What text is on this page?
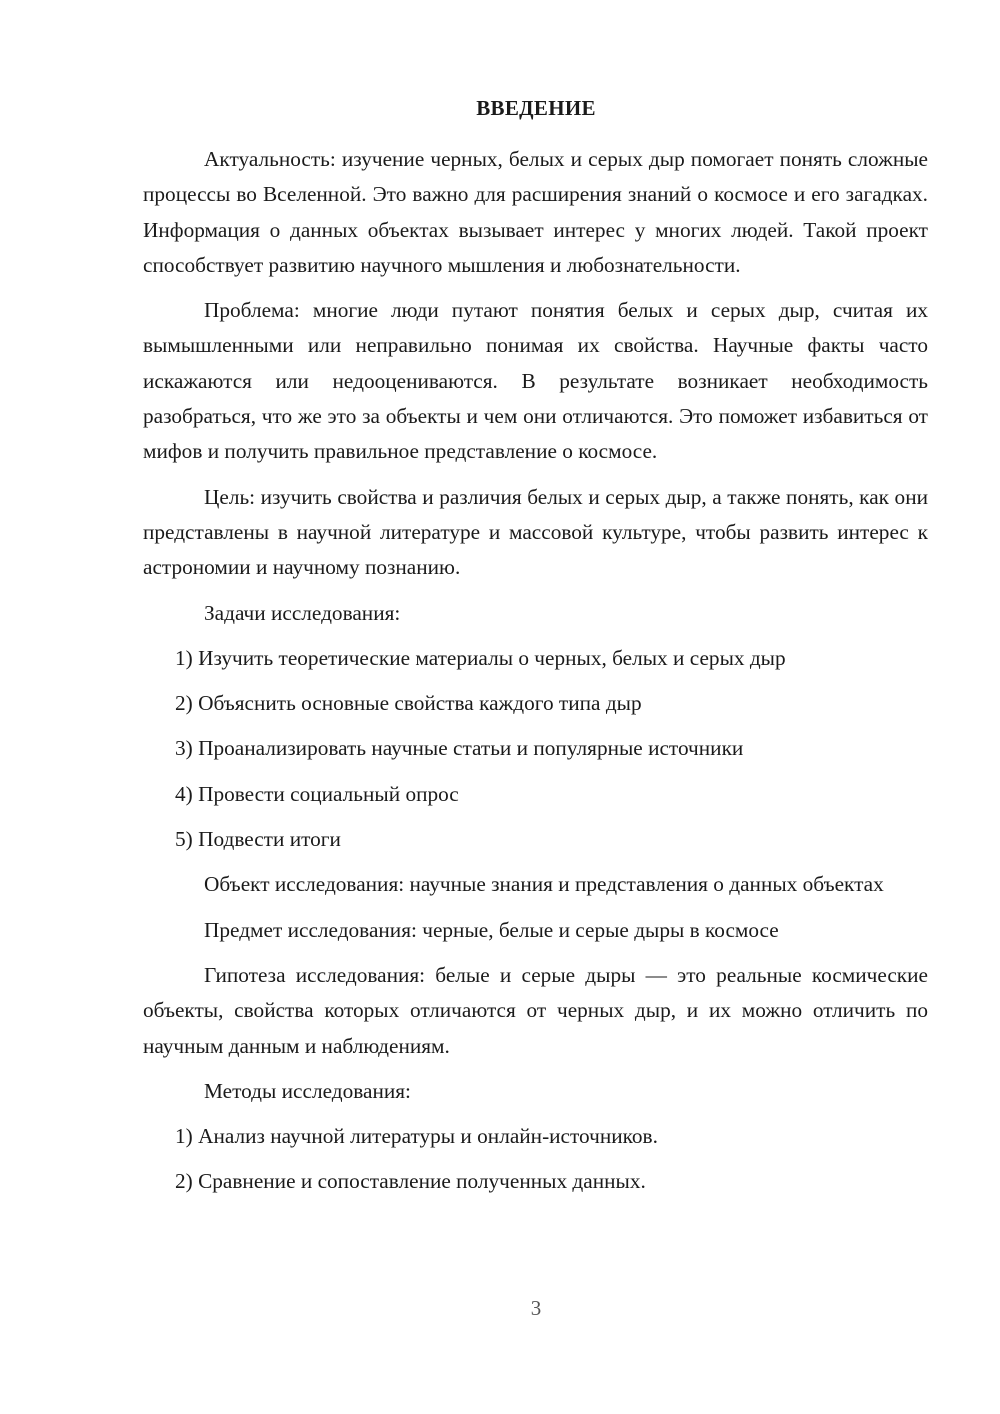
ВВЕДЕНИЕ

Актуальность: изучение черных, белых и серых дыр помогает понять сложные процессы во Вселенной. Это важно для расширения знаний о космосе и его загадках. Информация о данных объектах вызывает интерес у многих людей. Такой проект способствует развитию научного мышления и любознательности.

Проблема: многие люди путают понятия белых и серых дыр, считая их вымышленными или неправильно понимая их свойства. Научные факты часто искажаются или недооцениваются. В результате возникает необходимость разобраться, что же это за объекты и чем они отличаются. Это поможет избавиться от мифов и получить правильное представление о космосе.

Цель: изучить свойства и различия белых и серых дыр, а также понять, как они представлены в научной литературе и массовой культуре, чтобы развить интерес к астрономии и научному познанию.

Задачи исследования:

1) Изучить теоретические материалы о черных, белых и серых дыр

2) Объяснить основные свойства каждого типа дыр

3) Проанализировать научные статьи и популярные источники

4) Провести социальный опрос

5) Подвести итоги

Объект исследования: научные знания и представления о данных объектах

Предмет исследования: черные, белые и серые дыры в космосе

Гипотеза исследования: белые и серые дыры — это реальные космические объекты, свойства которых отличаются от черных дыр, и их можно отличить по научным данным и наблюдениям.

Методы исследования:

1) Анализ научной литературы и онлайн-источников.

2) Сравнение и сопоставление полученных данных.

3
